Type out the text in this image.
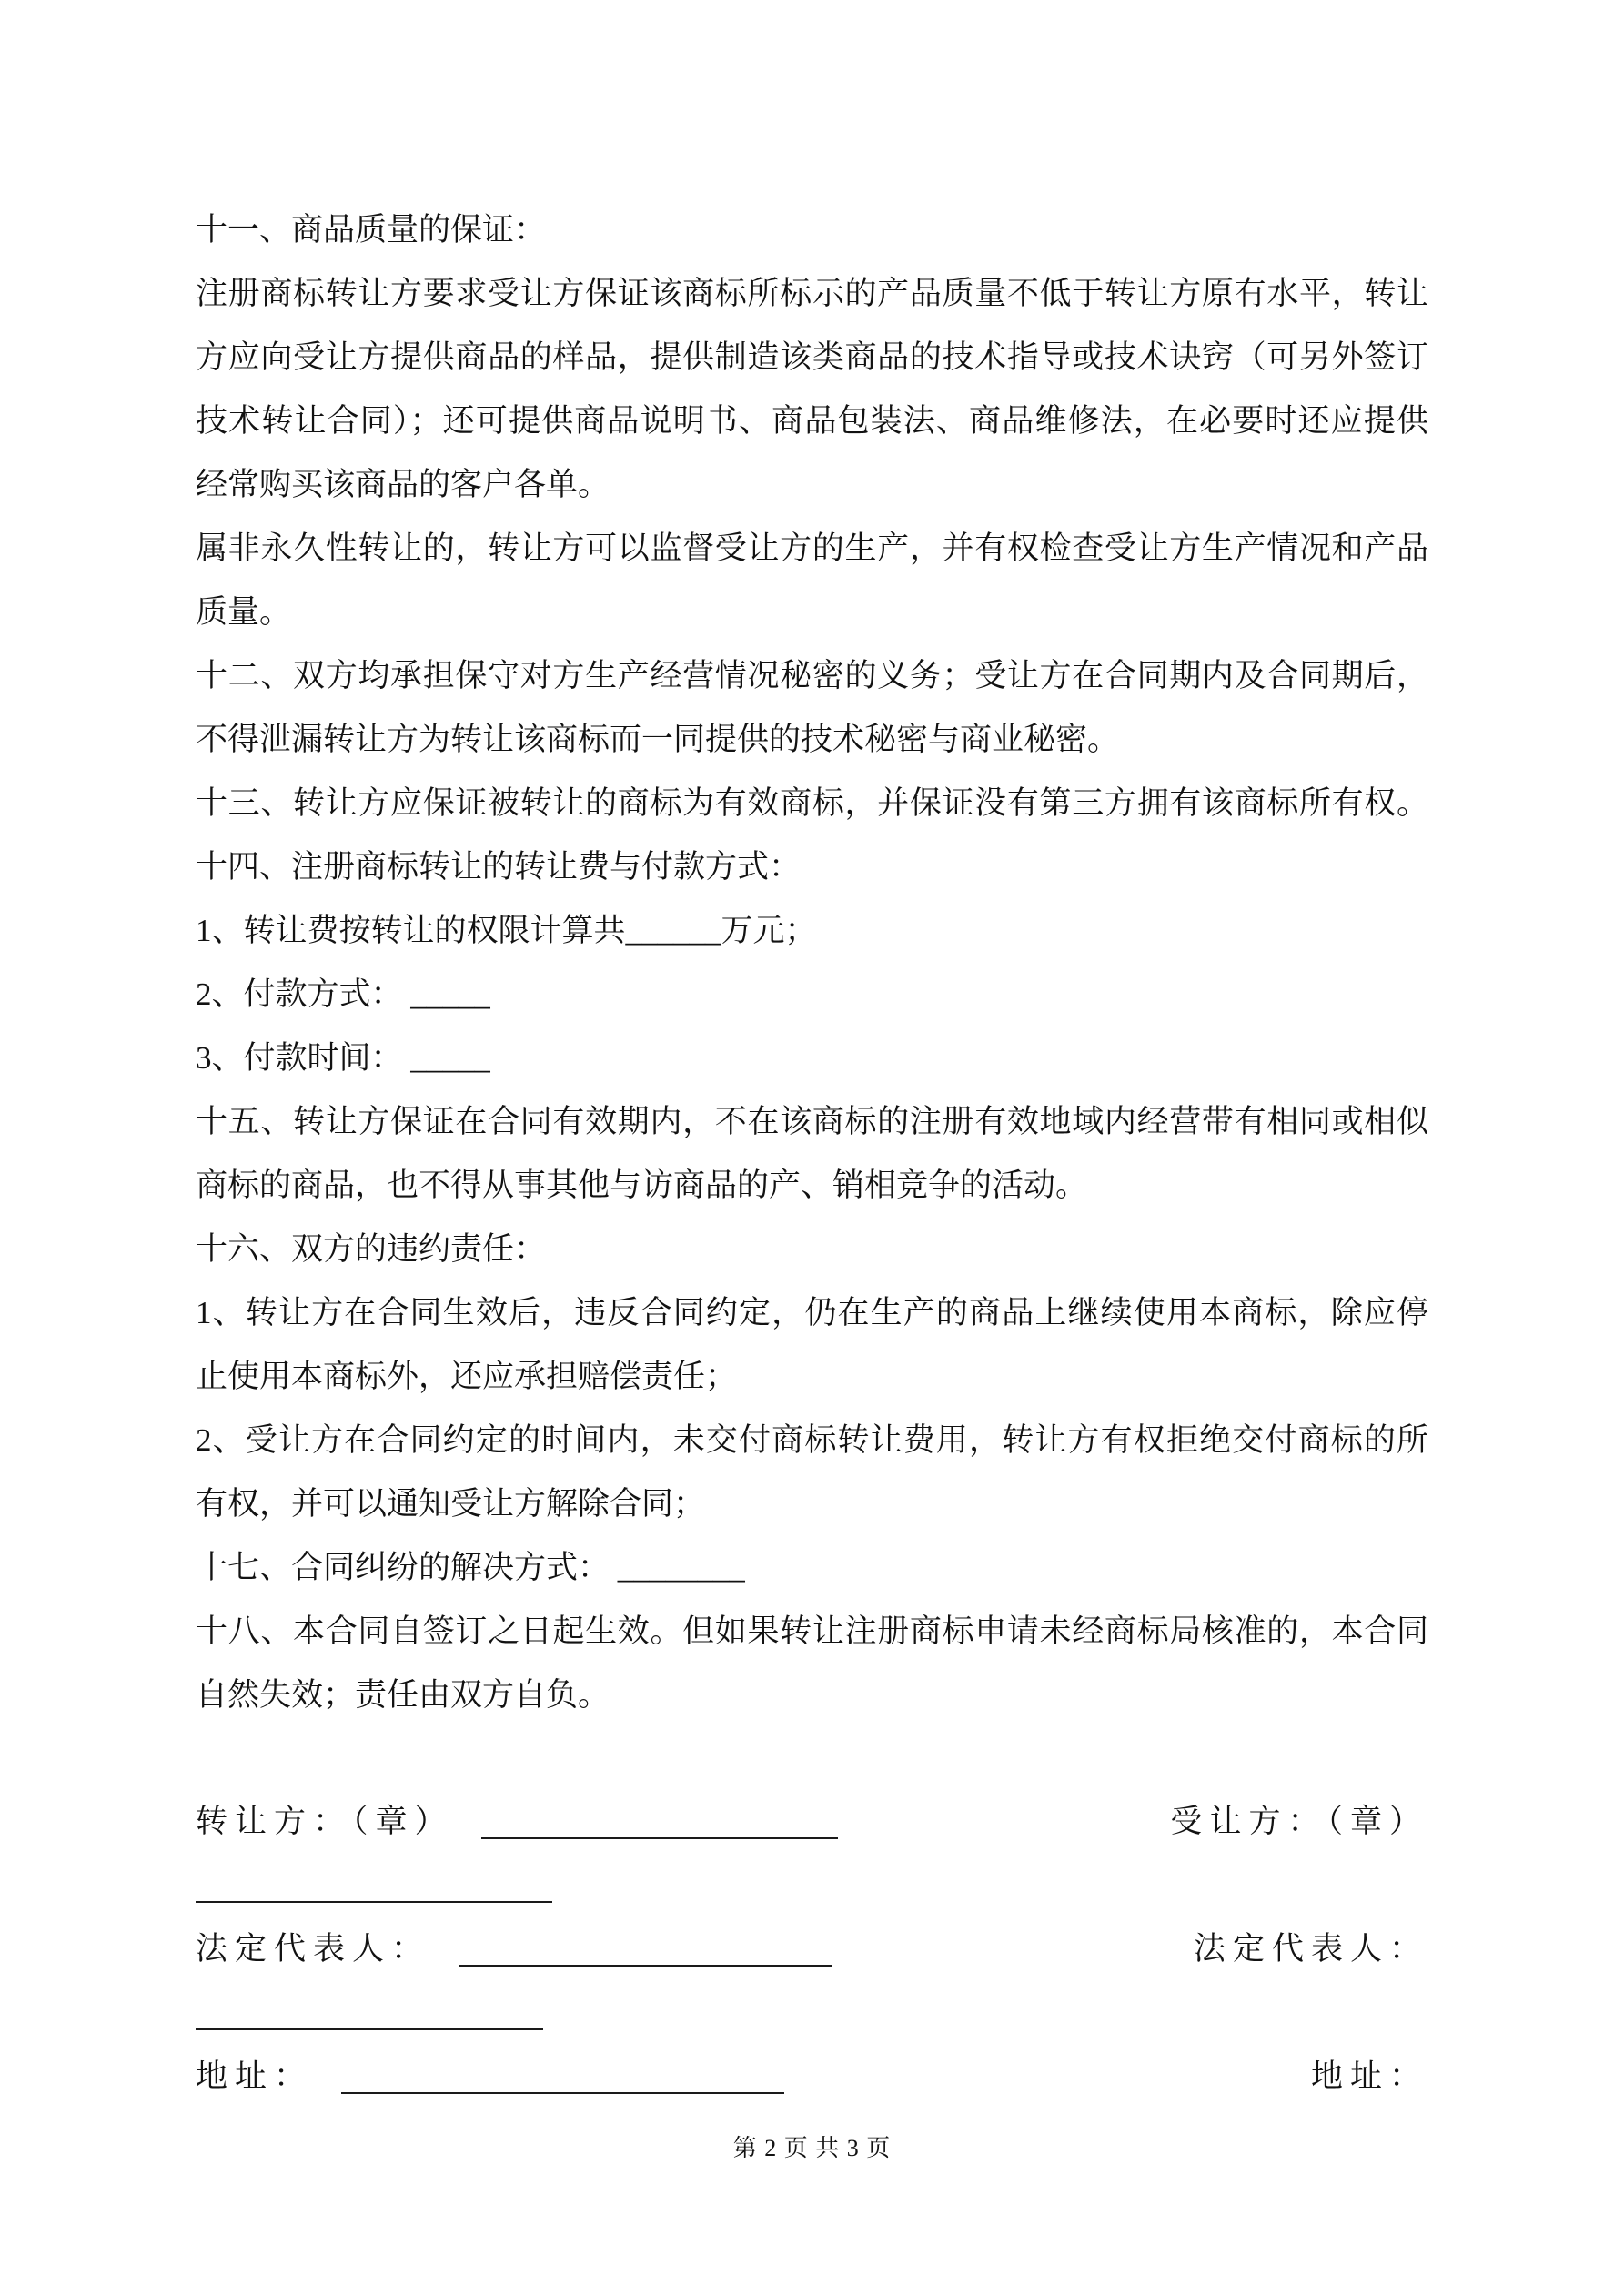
十一、商品质量的保证：
注册商标转让方要求受让方保证该商标所标示的产品质量不低于转让方原有水平，转让
方应向受让方提供商品的样品，提供制造该类商品的技术指导或技术诀窍（可另外签订
技术转让合同）；还可提供商品说明书、商品包装法、商品维修法，在必要时还应提供
经常购买该商品的客户各单。
属非永久性转让的，转让方可以监督受让方的生产，并有权检查受让方生产情况和产品
质量。
十二、双方均承担保守对方生产经营情况秘密的义务；受让方在合同期内及合同期后，
不得泄漏转让方为转让该商标而一同提供的技术秘密与商业秘密。
十三、转让方应保证被转让的商标为有效商标，并保证没有第三方拥有该商标所有权。
十四、注册商标转让的转让费与付款方式：
1、转让费按转让的权限计算共______万元；
2、付款方式： _____
3、付款时间： _____
十五、转让方保证在合同有效期内，不在该商标的注册有效地域内经营带有相同或相似
商标的商品，也不得从事其他与访商品的产、销相竞争的活动。
十六、双方的违约责任：
1、转让方在合同生效后，违反合同约定，仍在生产的商品上继续使用本商标，除应停
止使用本商标外，还应承担赔偿责任；
2、受让方在合同约定的时间内，未交付商标转让费用，转让方有权拒绝交付商标的所
有权，并可以通知受让方解除合同；
十七、合同纠纷的解决方式： ________
十八、本合同自签订之日起生效。但如果转让注册商标申请未经商标局核准的，本合同
自然失效；责任由双方自负。
转让方：（章）	受让方：（章）
法定代表人：	法定代表人：
地址：	地址：
第 2 页 共 3 页
